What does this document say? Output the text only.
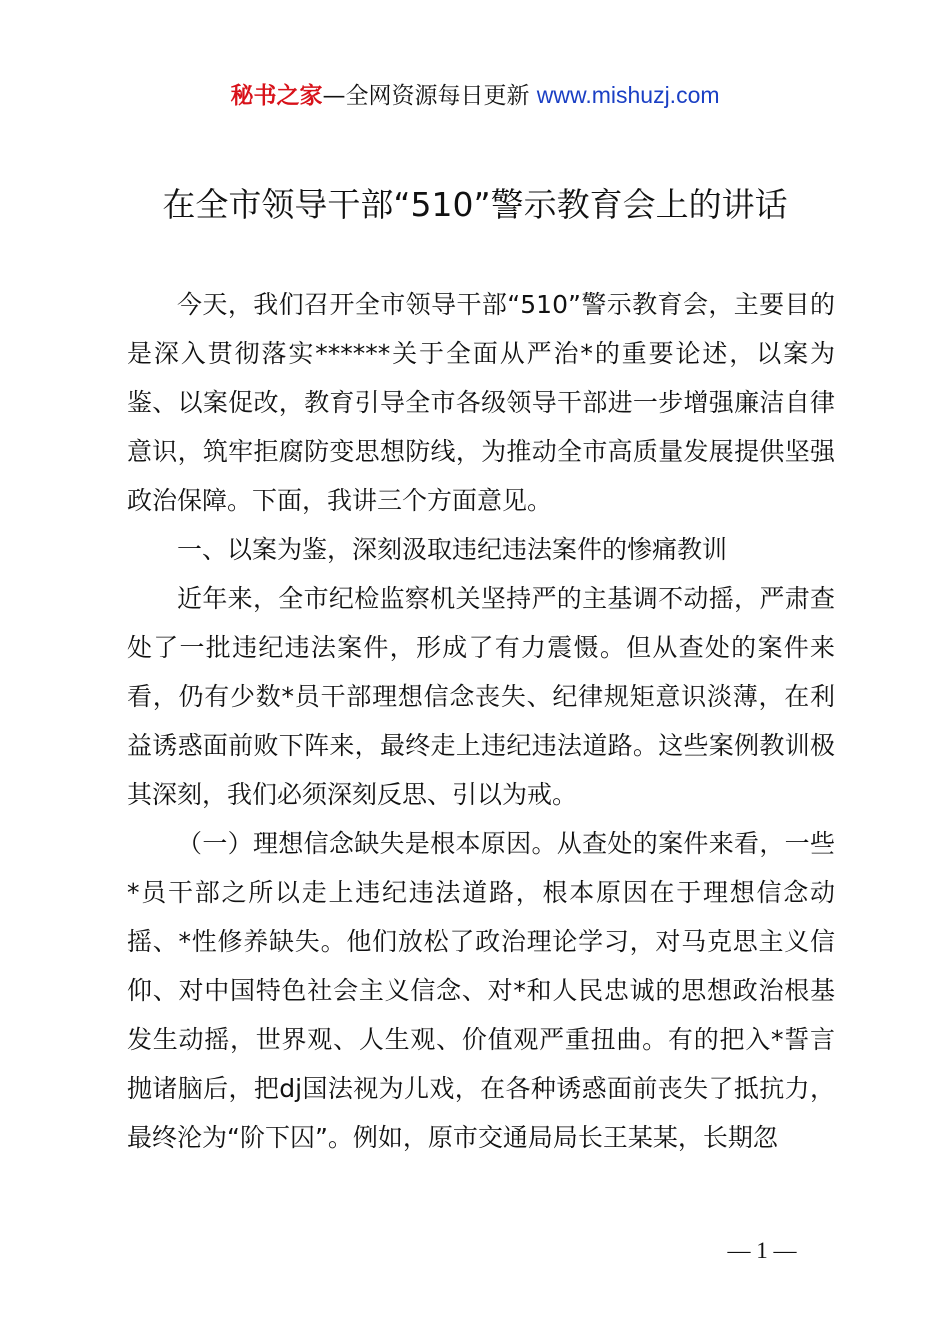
秘书之家—全网资源每日更新 www.mishuzj.com
在全市领导干部“510”警示教育会上的讲话

今天，我们召开全市领导干部“510”警示教育会，主要目的是深入贯彻落实******关于全面从严治*的重要论述，以案为鉴、以案促改，教育引导全市各级领导干部进一步增强廉洁自律意识，筑牢拒腐防变思想防线，为推动全市高质量发展提供坚强政治保障。下面，我讲三个方面意见。

一、以案为鉴，深刻汲取违纪违法案件的惨痛教训

近年来，全市纪检监察机关坚持严的主基调不动摇，严肃查处了一批违纪违法案件，形成了有力震慑。但从查处的案件来看，仍有少数*员干部理想信念丧失、纪律规矩意识淡薄，在利益诱惑面前败下阵来，最终走上违纪违法道路。这些案例教训极其深刻，我们必须深刻反思、引以为戒。

（一）理想信念缺失是根本原因。从查处的案件来看，一些*员干部之所以走上违纪违法道路，根本原因在于理想信念动摇、*性修养缺失。他们放松了政治理论学习，对马克思主义信仰、对中国特色社会主义信念、对*和人民忠诚的思想政治根基发生动摇，世界观、人生观、价值观严重扭曲。有的把入*誓言抛诸脑后，把dj国法视为儿戏，在各种诱惑面前丧失了抵抗力，最终沦为“阶下囚”。例如，原市交通局局长王某某，长期忽

— 1 —
